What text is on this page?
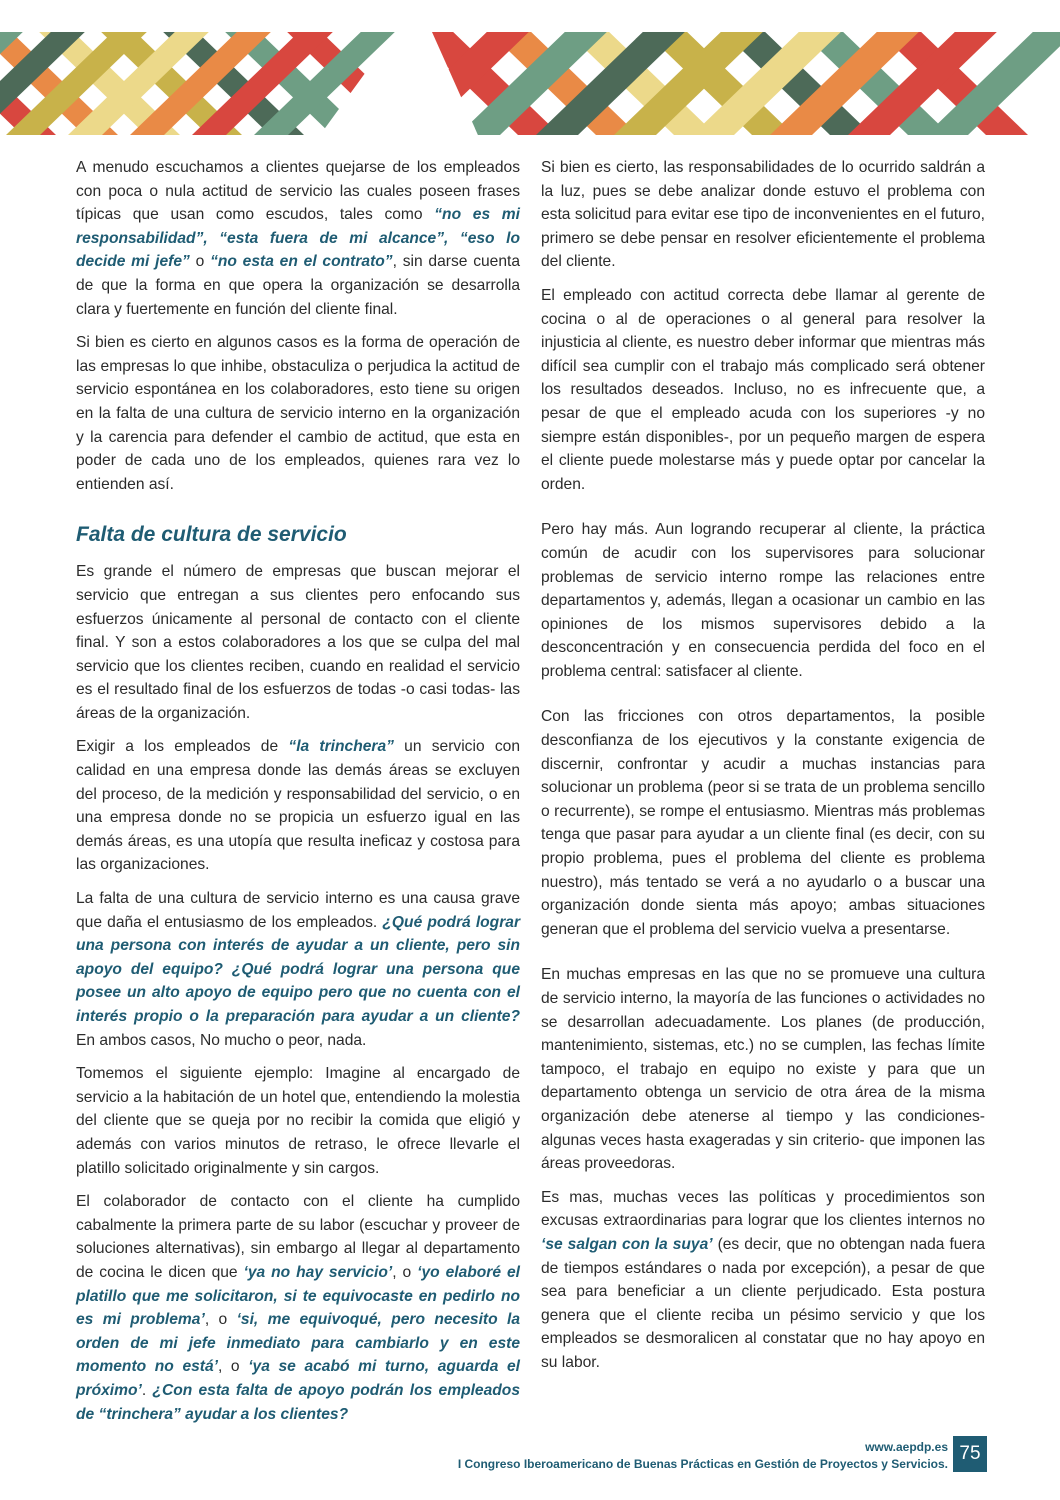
A menudo escuchamos a clientes quejarse de los empleados con poca o nula actitud de servicio las cuales poseen frases típicas que usan como escudos, tales como “no es mi responsabilidad”, “esta fuera de mi alcance”, “eso lo decide mi jefe” o “no esta en el contrato”, sin darse cuenta de que la forma en que opera la organización se desarrolla clara y fuertemente en función del cliente final.

Si bien es cierto en algunos casos es la forma de operación de las empresas lo que inhibe, obstaculiza o perjudica la actitud de servicio espontánea en los colaboradores, esto tiene su origen en la falta de una cultura de servicio interno en la organización y la carencia para defender el cambio de actitud, que esta en poder de cada uno de los empleados, quienes rara vez lo entienden así.

Falta de cultura de servicio

Es grande el número de empresas que buscan mejorar el servicio que entregan a sus clientes pero enfocando sus esfuerzos únicamente al personal de contacto con el cliente final. Y son a estos colaboradores a los que se culpa del mal servicio que los clientes reciben, cuando en realidad el servicio es el resultado final de los esfuerzos de todas -o casi todas- las áreas de la organización.

Exigir a los empleados de “la trinchera” un servicio con calidad en una empresa donde las demás áreas se excluyen del proceso, de la medición y responsabilidad del servicio, o en una empresa donde no se propicia un esfuerzo igual en las demás áreas, es una utopía que resulta ineficaz y costosa para las organizaciones.

La falta de una cultura de servicio interno es una causa grave que daña el entusiasmo de los empleados. ¿Qué podrá lograr una persona con interés de ayudar a un cliente, pero sin apoyo del equipo? ¿Qué podrá lograr una persona que posee un alto apoyo de equipo pero que no cuenta con el interés propio o la preparación para ayudar a un cliente? En ambos casos, No mucho o peor, nada.

Tomemos el siguiente ejemplo: Imagine al encargado de servicio a la habitación de un hotel que, entendiendo la molestia del cliente que se queja por no recibir la comida que eligió y además con varios minutos de retraso, le ofrece llevarle el platillo solicitado originalmente y sin cargos.

El colaborador de contacto con el cliente ha cumplido cabalmente la primera parte de su labor (escuchar y proveer de soluciones alternativas), sin embargo al llegar al departamento de cocina le dicen que ‘ya no hay servicio’, o ‘yo elaboré el platillo que me solicitaron, si te equivocaste en pedirlo no es mi problema’, o ‘si, me equivoqué, pero necesito la orden de mi jefe inmediato para cambiarlo y en este momento no está’, o ‘ya se acabó mi turno, aguarda el próximo’. ¿Con esta falta de apoyo podrán los empleados de “trinchera” ayudar a los clientes?

Si bien es cierto, las responsabilidades de lo ocurrido saldrán a la luz, pues se debe analizar donde estuvo el problema con esta solicitud para evitar ese tipo de inconvenientes en el futuro, primero se debe pensar en resolver eficientemente el problema del cliente.

El empleado con actitud correcta debe llamar al gerente de cocina o al de operaciones o al general para resolver la injusticia al cliente, es nuestro deber informar que mientras más difícil sea cumplir con el trabajo más complicado será obtener los resultados deseados. Incluso, no es infrecuente que, a pesar de que el empleado acuda con los superiores -y no siempre están disponibles-, por un pequeño margen de espera el cliente puede molestarse más y puede optar por cancelar la orden.

Pero hay más. Aun logrando recuperar al cliente, la práctica común de acudir con los supervisores para solucionar problemas de servicio interno rompe las relaciones entre departamentos y, además, llegan a ocasionar un cambio en las opiniones de los mismos supervisores debido a la desconcentración y en consecuencia perdida del foco en el problema central: satisfacer al cliente.

Con las fricciones con otros departamentos, la posible desconfianza de los ejecutivos y la constante exigencia de discernir, confrontar y acudir a muchas instancias para solucionar un problema (peor si se trata de un problema sencillo o recurrente), se rompe el entusiasmo. Mientras más problemas tenga que pasar para ayudar a un cliente final (es decir, con su propio problema, pues el problema del cliente es problema nuestro), más tentado se verá a no ayudarlo o a buscar una organización donde sienta más apoyo; ambas situaciones generan que el problema del servicio vuelva a presentarse.

En muchas empresas en las que no se promueve una cultura de servicio interno, la mayoría de las funciones o actividades no se desarrollan adecuadamente. Los planes (de producción, mantenimiento, sistemas, etc.) no se cumplen, las fechas límite tampoco, el trabajo en equipo no existe y para que un departamento obtenga un servicio de otra área de la misma organización debe atenerse al tiempo y las condiciones- algunas veces hasta exageradas y sin criterio- que imponen las áreas proveedoras.

Es mas, muchas veces las políticas y procedimientos son excusas extraordinarias para lograr que los clientes internos no ‘se salgan con la suya’ (es decir, que no obtengan nada fuera de tiempos estándares o nada por excepción), a pesar de que sea para beneficiar a un cliente perjudicado. Esta postura genera que el cliente reciba un pésimo servicio y que los empleados se desmoralicen al constatar que no hay apoyo en su labor.

www.aepdp.es
I Congreso Iberoamericano de Buenas Prácticas en Gestión de Proyectos y Servicios. 75
